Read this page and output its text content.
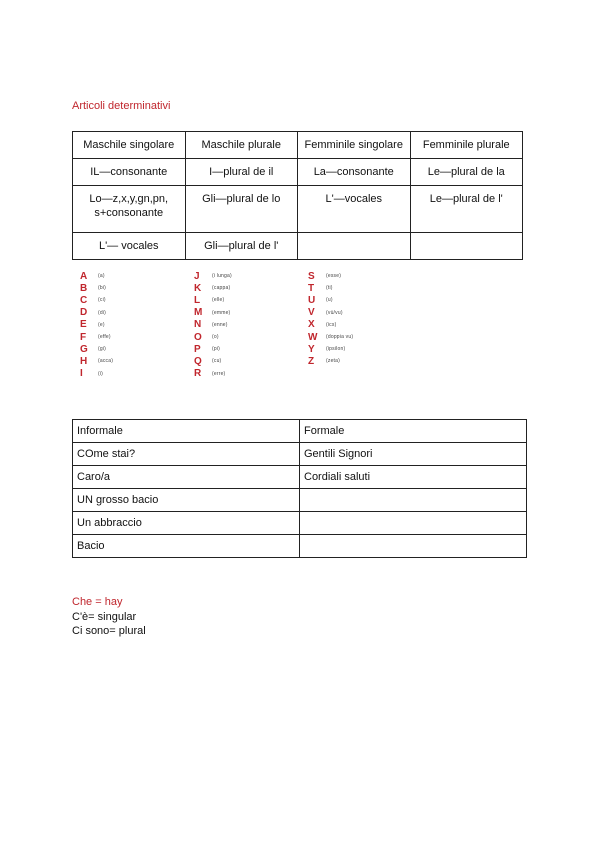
Articoli determinativi
Maschile singolare	Maschile plurale	Femminile singolare	Femminile plurale
IL—consonante	I—plural de il	La—consonante	Le—plural de la
Lo—z,x,y,gn,pn,
s+consonante	Gli—plural de lo	L'—vocales	Le—plural de l'
L'— vocales	Gli—plural de l'		
A	(a)
B	(bi)
C	(ci)
D	(di)
E	(e)
F	(effe)
G	(gi)
H	(acca)
I	(i)
J	(i lunga)
K	(cappa)
L	(elle)
M	(emme)
N	(enne)
O	(o)
P	(pi)
Q	(cu)
R	(erre)
S	(esse)
T	(ti)
U	(u)
V	(vù/vu)
X	(ics)
W	(doppia vu)
Y	(ipsilon)
Z	(zeta)
Informale	Formale
COme stai?	Gentili Signori
Caro/a	Cordiali saluti
UN grosso bacio	
Un abbraccio	
Bacio	
Che = hay
C'è= singular
Ci sono= plural
